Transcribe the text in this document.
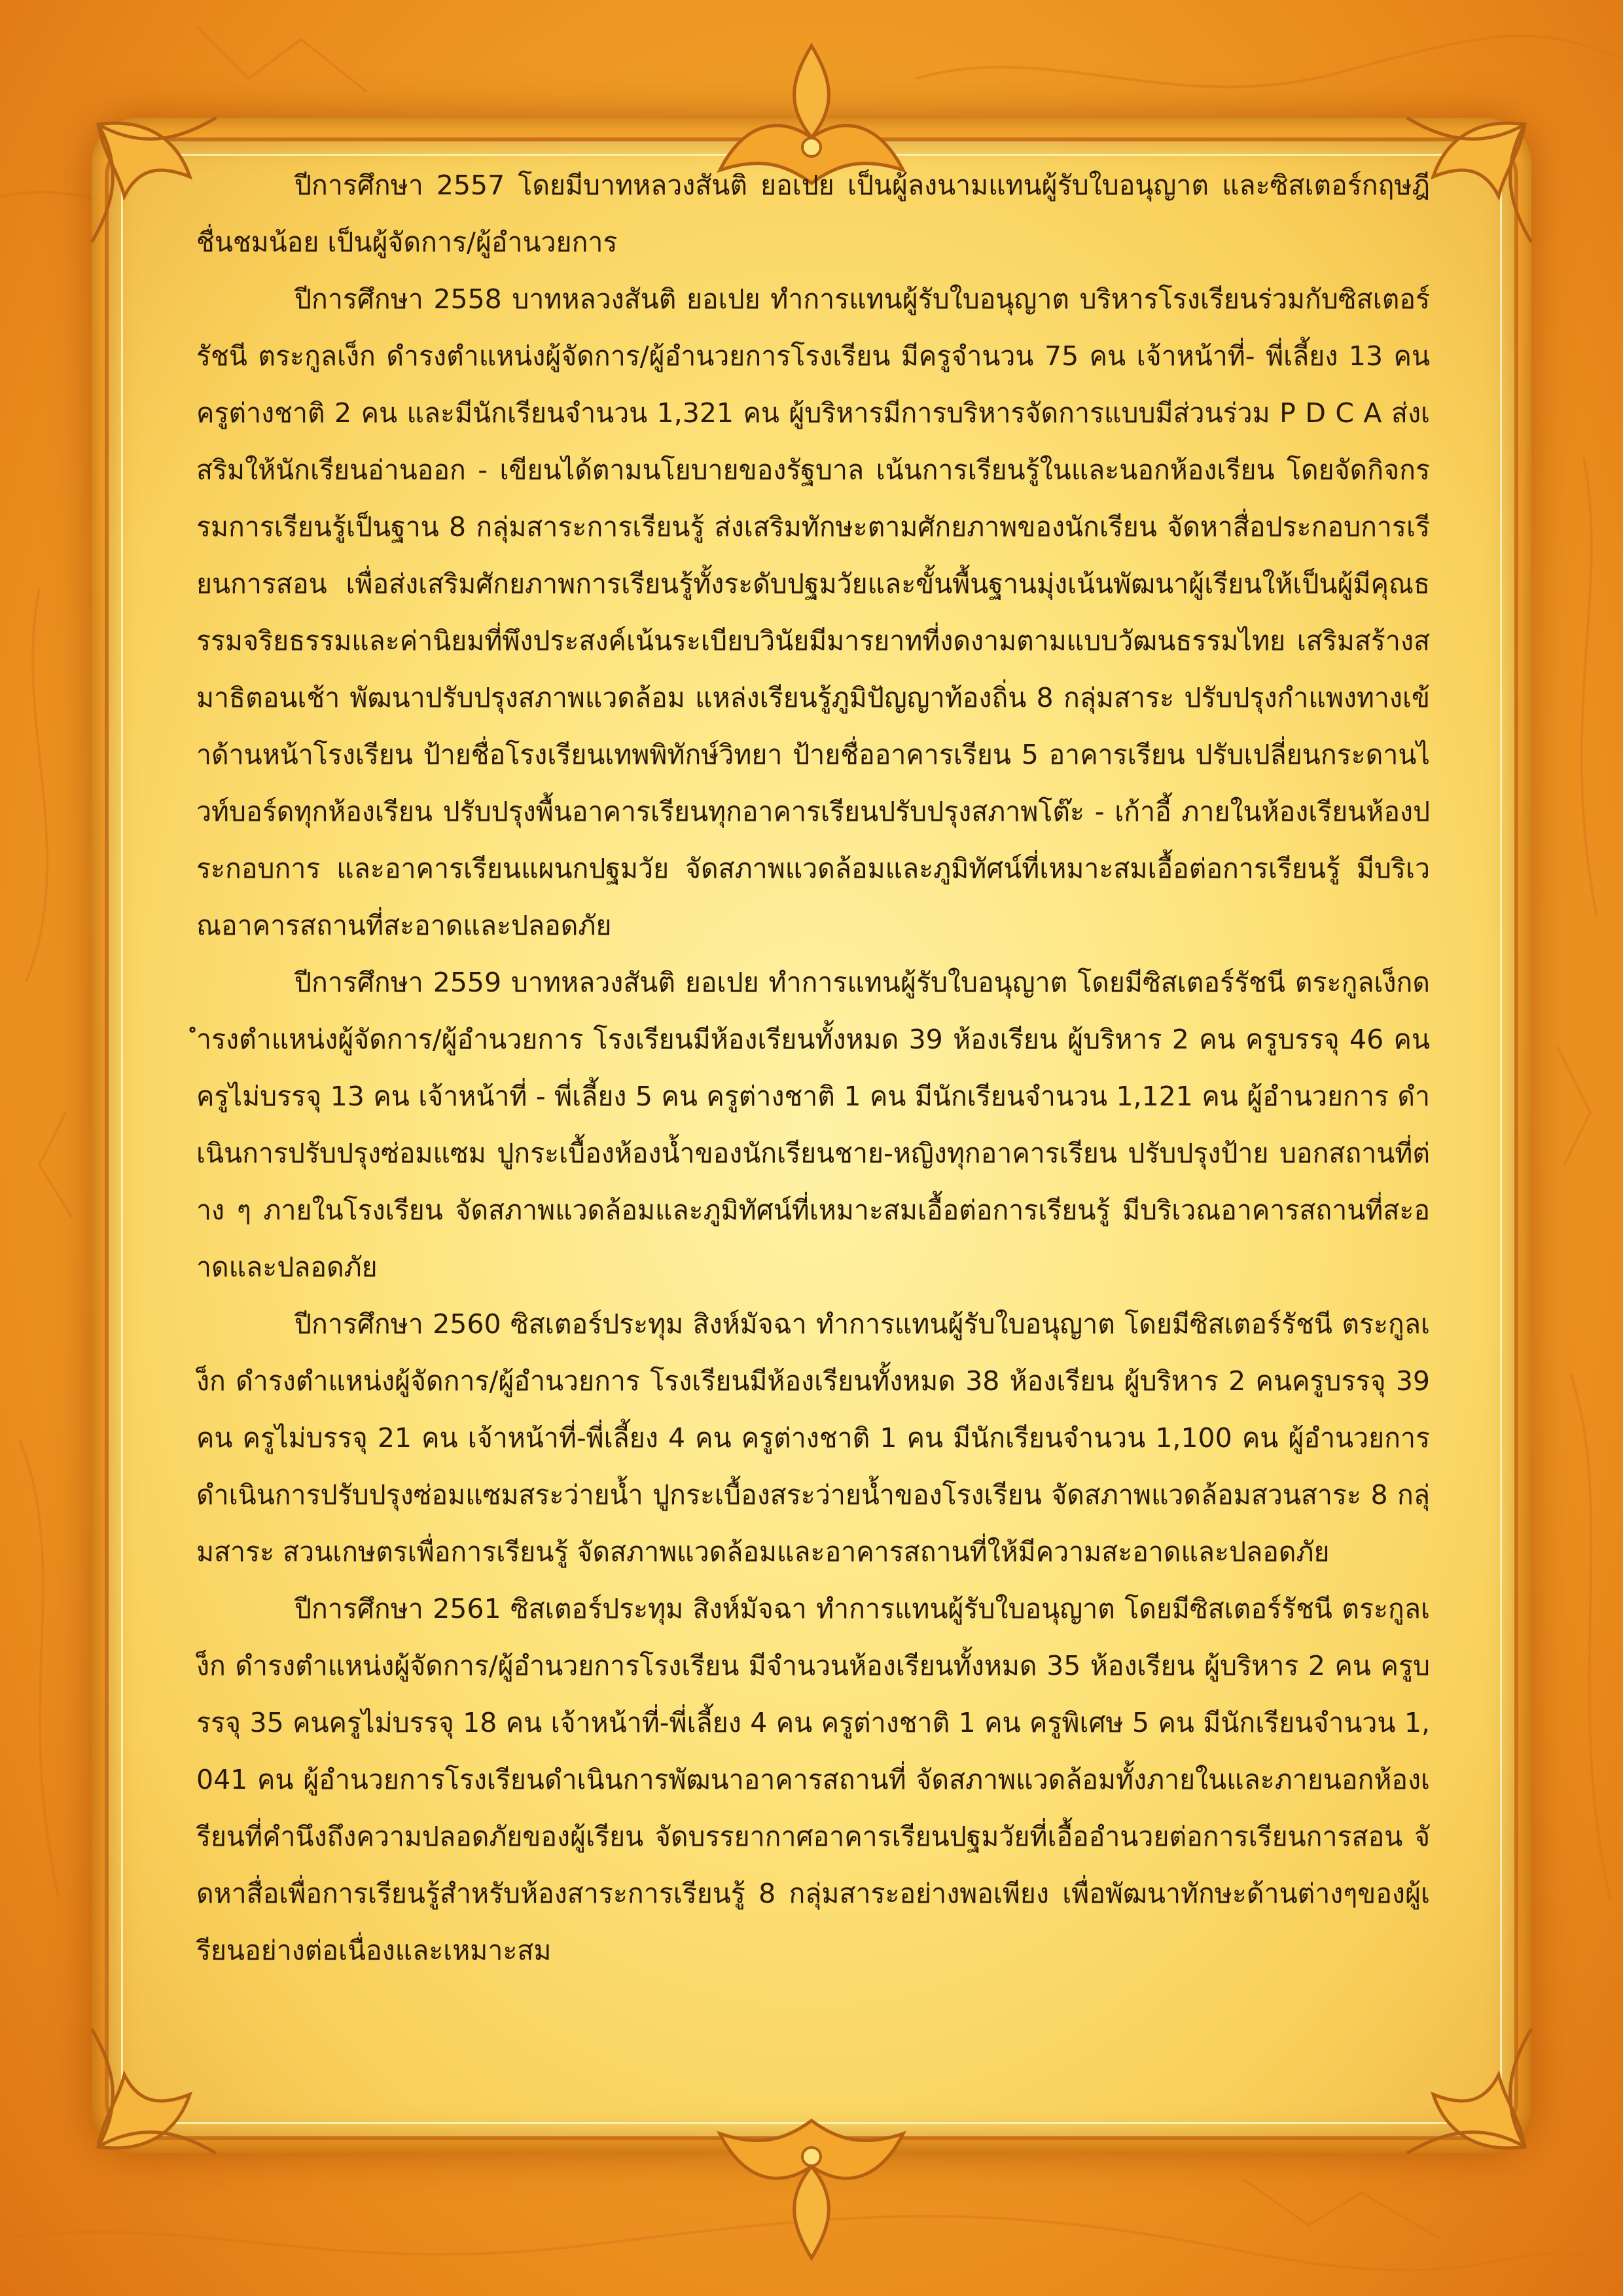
ปีการศึกษา 2557 โดยมีบาทหลวงสันติ ยอเปย เป็นผู้ลงนามแทนผู้รับใบอนุญาต และซิสเตอร์กฤษฎี ชื่นชมน้อย เป็นผู้จัดการ/ผู้อำนวยการ

ปีการศึกษา 2558 บาทหลวงสันติ ยอเปย ทำการแทนผู้รับใบอนุญาต บริหารโรงเรียนร่วมกับซิสเตอร์รัชนี ตระกูลเง็ก ดำรงตำแหน่งผู้จัดการ/ผู้อำนวยการโรงเรียน มีครูจำนวน 75 คน เจ้าหน้าที่- พี่เลี้ยง 13 คน ครูต่างชาติ 2 คน และมีนักเรียนจำนวน 1,321 คน ผู้บริหารมีการบริหารจัดการแบบมีส่วนร่วม P D C A ส่งเสริมให้นักเรียนอ่านออก - เขียนได้ตามนโยบายของรัฐบาล เน้นการเรียนรู้ในและนอกห้องเรียน โดยจัดกิจกรรมการเรียนรู้เป็นฐาน 8 กลุ่มสาระการเรียนรู้ ส่งเสริมทักษะตามศักยภาพของนักเรียน จัดหาสื่อประกอบการเรียนการสอน เพื่อส่งเสริมศักยภาพการเรียนรู้ทั้งระดับปฐมวัยและขั้นพื้นฐานมุ่งเน้นพัฒนาผู้เรียนให้เป็นผู้มีคุณธรรมจริยธรรมและค่านิยมที่พึงประสงค์เน้นระเบียบวินัยมีมารยาทที่งดงามตามแบบวัฒนธรรมไทย เสริมสร้างสมาธิตอนเช้า พัฒนาปรับปรุงสภาพแวดล้อม แหล่งเรียนรู้ภูมิปัญญาท้องถิ่น 8 กลุ่มสาระ ปรับปรุงกำแพงทางเข้าด้านหน้าโรงเรียน ป้ายชื่อโรงเรียนเทพพิทักษ์วิทยา ป้ายชื่ออาคารเรียน 5 อาคารเรียน ปรับเปลี่ยนกระดานไวท์บอร์ดทุกห้องเรียน ปรับปรุงพื้นอาคารเรียนทุกอาคารเรียนปรับปรุงสภาพโต๊ะ - เก้าอี้ ภายในห้องเรียนห้องประกอบการ และอาคารเรียนแผนกปฐมวัย จัดสภาพแวดล้อมและภูมิทัศน์ที่เหมาะสมเอื้อต่อการเรียนรู้ มีบริเวณอาคารสถานที่สะอาดและปลอดภัย

ปีการศึกษา 2559 บาทหลวงสันติ ยอเปย ทำการแทนผู้รับใบอนุญาต โดยมีซิสเตอร์รัชนี ตระกูลเง็กดำรงตำแหน่งผู้จัดการ/ผู้อำนวยการ โรงเรียนมีห้องเรียนทั้งหมด 39 ห้องเรียน ผู้บริหาร 2 คน ครูบรรจุ 46 คน ครูไม่บรรจุ 13 คน เจ้าหน้าที่ - พี่เลี้ยง 5 คน ครูต่างชาติ 1 คน มีนักเรียนจำนวน 1,121 คน ผู้อำนวยการ ดำเนินการปรับปรุงซ่อมแซม ปูกระเบื้องห้องน้ำของนักเรียนชาย-หญิงทุกอาคารเรียน ปรับปรุงป้าย บอกสถานที่ต่าง ๆ ภายในโรงเรียน จัดสภาพแวดล้อมและภูมิทัศน์ที่เหมาะสมเอื้อต่อการเรียนรู้ มีบริเวณอาคารสถานที่สะอาดและปลอดภัย

ปีการศึกษา 2560 ซิสเตอร์ประทุม สิงห์มัจฉา ทำการแทนผู้รับใบอนุญาต โดยมีซิสเตอร์รัชนี ตระกูลเง็ก ดำรงตำแหน่งผู้จัดการ/ผู้อำนวยการ โรงเรียนมีห้องเรียนทั้งหมด 38 ห้องเรียน ผู้บริหาร 2 คนครูบรรจุ 39 คน ครูไม่บรรจุ 21 คน เจ้าหน้าที่-พี่เลี้ยง 4 คน ครูต่างชาติ 1 คน มีนักเรียนจำนวน 1,100 คน ผู้อำนวยการ ดำเนินการปรับปรุงซ่อมแซมสระว่ายน้ำ ปูกระเบื้องสระว่ายน้ำของโรงเรียน จัดสภาพแวดล้อมสวนสาระ 8 กลุ่มสาระ สวนเกษตรเพื่อการเรียนรู้ จัดสภาพแวดล้อมและอาคารสถานที่ให้มีความสะอาดและปลอดภัย

ปีการศึกษา 2561 ซิสเตอร์ประทุม สิงห์มัจฉา ทำการแทนผู้รับใบอนุญาต โดยมีซิสเตอร์รัชนี ตระกูลเง็ก ดำรงตำแหน่งผู้จัดการ/ผู้อำนวยการโรงเรียน มีจำนวนห้องเรียนทั้งหมด 35 ห้องเรียน ผู้บริหาร 2 คน ครูบรรจุ 35 คนครูไม่บรรจุ 18 คน เจ้าหน้าที่-พี่เลี้ยง 4 คน ครูต่างชาติ 1 คน ครูพิเศษ 5 คน มีนักเรียนจำนวน 1,041 คน ผู้อำนวยการโรงเรียนดำเนินการพัฒนาอาคารสถานที่ จัดสภาพแวดล้อมทั้งภายในและภายนอกห้องเรียนที่คำนึงถึงความปลอดภัยของผู้เรียน จัดบรรยากาศอาคารเรียนปฐมวัยที่เอื้ออำนวยต่อการเรียนการสอน จัดหาสื่อเพื่อการเรียนรู้สำหรับห้องสาระการเรียนรู้ 8 กลุ่มสาระอย่างพอเพียง เพื่อพัฒนาทักษะด้านต่างๆของผู้เรียนอย่างต่อเนื่องและเหมาะสม
